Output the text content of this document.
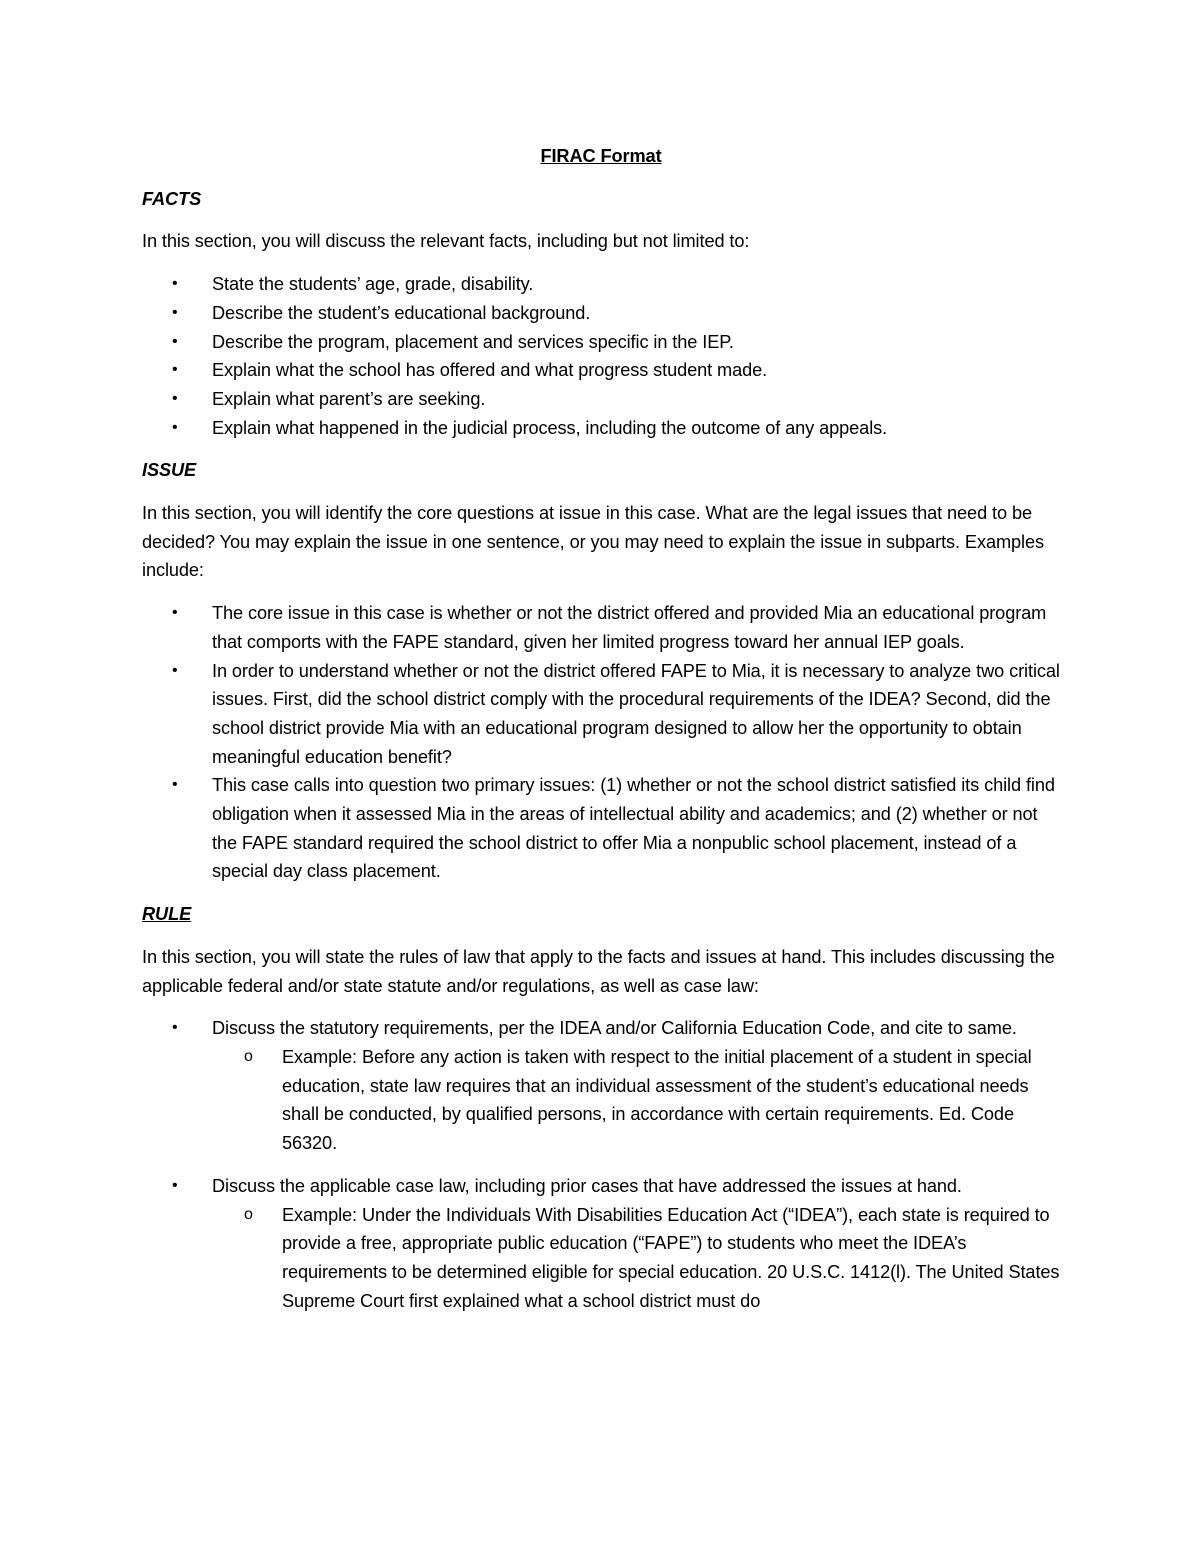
FIRAC Format
FACTS

In this section, you will discuss the relevant facts, including but not limited to:

• State the students’ age, grade, disability.
• Describe the student’s educational background.
• Describe the program, placement and services specific in the IEP.
• Explain what the school has offered and what progress student made.
• Explain what parent’s are seeking.
• Explain what happened in the judicial process, including the outcome of any appeals.
ISSUE

In this section, you will identify the core questions at issue in this case. What are the legal issues that need to be decided? You may explain the issue in one sentence, or you may need to explain the issue in subparts. Examples include:

• The core issue in this case is whether or not the district offered and provided Mia an educational program that comports with the FAPE standard, given her limited progress toward her annual IEP goals.
• In order to understand whether or not the district offered FAPE to Mia, it is necessary to analyze two critical issues. First, did the school district comply with the procedural requirements of the IDEA? Second, did the school district provide Mia with an educational program designed to allow her the opportunity to obtain meaningful education benefit?
• This case calls into question two primary issues: (1) whether or not the school district satisfied its child find obligation when it assessed Mia in the areas of intellectual ability and academics; and (2) whether or not the FAPE standard required the school district to offer Mia a nonpublic school placement, instead of a special day class placement.
RULE

In this section, you will state the rules of law that apply to the facts and issues at hand. This includes discussing the applicable federal and/or state statute and/or regulations, as well as case law:

• Discuss the statutory requirements, per the IDEA and/or California Education Code, and cite to same.
o Example: Before any action is taken with respect to the initial placement of a student in special education, state law requires that an individual assessment of the student’s educational needs shall be conducted, by qualified persons, in accordance with certain requirements. Ed. Code 56320.
• Discuss the applicable case law, including prior cases that have addressed the issues at hand.
o Example: Under the Individuals With Disabilities Education Act (“IDEA”), each state is required to provide a free, appropriate public education (“FAPE”) to students who meet the IDEA’s requirements to be determined eligible for special education. 20 U.S.C. 1412(l). The United States Supreme Court first explained what a school district must do
